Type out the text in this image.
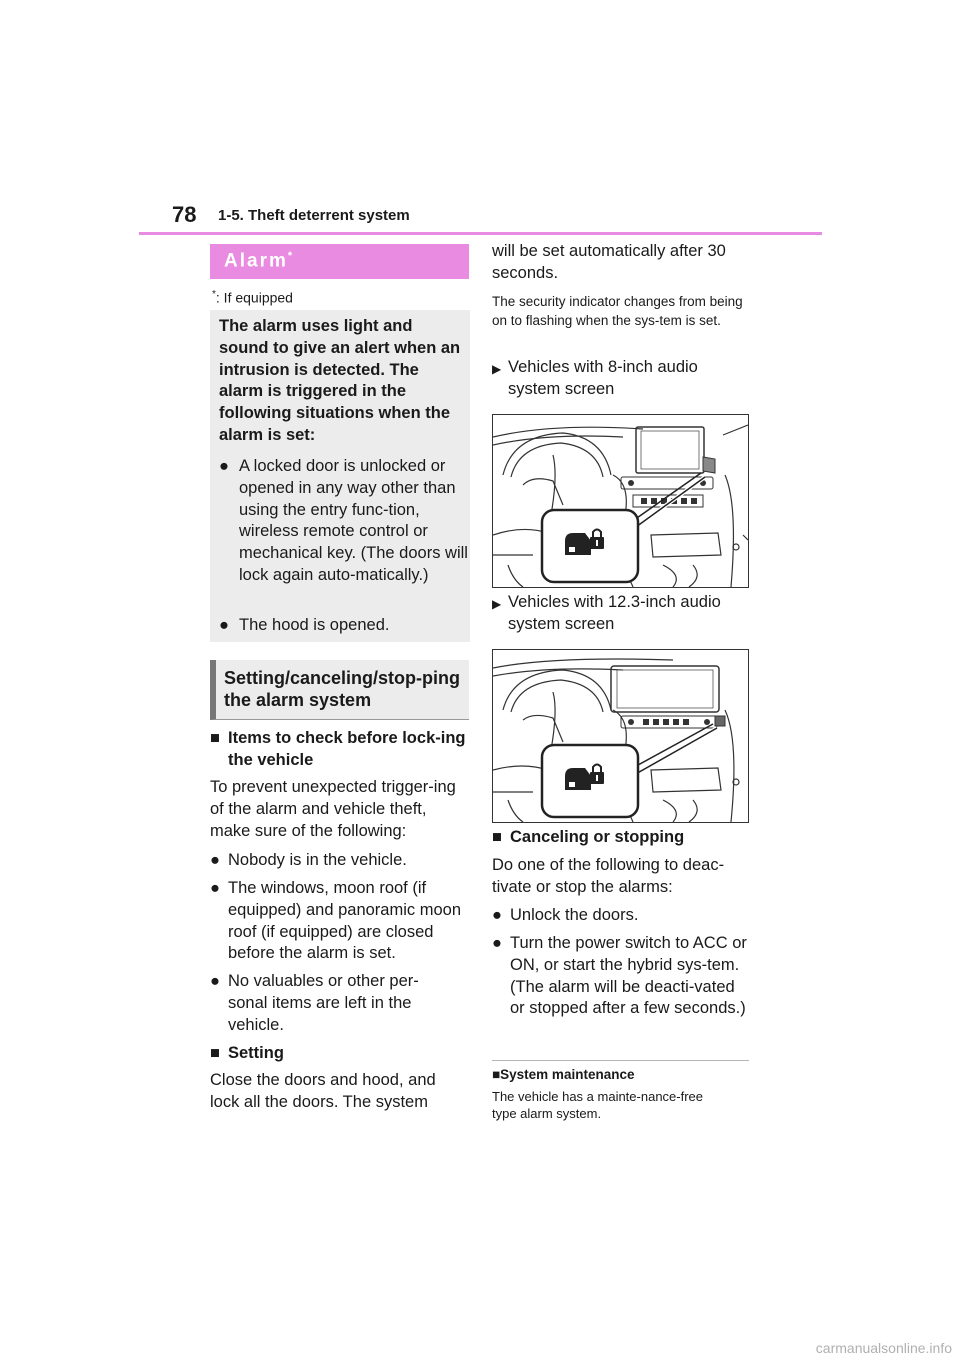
78 1-5. Theft deterrent system
Alarm*
*: If equipped
The alarm uses light and sound to give an alert when an intrusion is detected. The alarm is triggered in the following situations when the alarm is set:
● A locked door is unlocked or opened in any way other than using the entry func-tion, wireless remote control or mechanical key. (The doors will lock again auto-matically.)
● The hood is opened.
Setting/canceling/stop-ping the alarm system
■ Items to check before lock-ing the vehicle
To prevent unexpected trigger-ing of the alarm and vehicle theft, make sure of the following:
● Nobody is in the vehicle.
● The windows, moon roof (if equipped) and panoramic moon roof (if equipped) are closed before the alarm is set.
● No valuables or other per-sonal items are left in the vehicle.
■ Setting
Close the doors and hood, and lock all the doors. The system
will be set automatically after 30 seconds.
The security indicator changes from being on to flashing when the sys-tem is set.
▶ Vehicles with 8-inch audio system screen
▶ Vehicles with 12.3-inch audio system screen
■ Canceling or stopping
Do one of the following to deac-tivate or stop the alarms:
● Unlock the doors.
● Turn the power switch to ACC or ON, or start the hybrid sys-tem. (The alarm will be deacti-vated or stopped after a few seconds.)
■System maintenance
The vehicle has a mainte-nance-free type alarm system.
carmanualsonline.info
